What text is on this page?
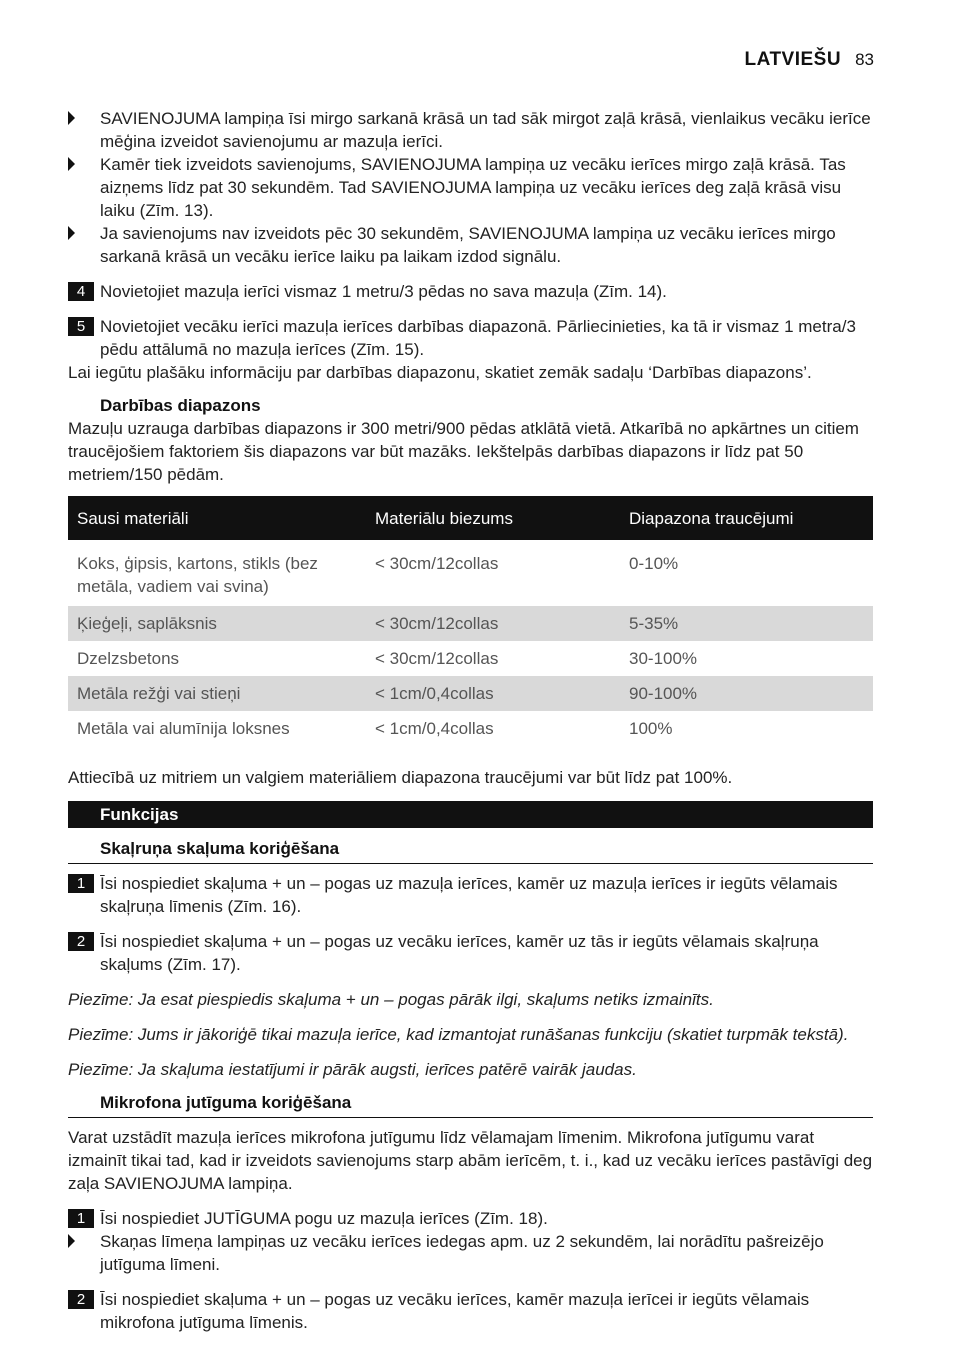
LATVIEŠU 83

SAVIENOJUMA lampiņa īsi mirgo sarkanā krāsā un tad sāk mirgot zaļā krāsā, vienlaikus vecāku ierīce mēģina izveidot savienojumu ar mazuļa ierīci.

Kamēr tiek izveidots savienojums, SAVIENOJUMA lampiņa uz vecāku ierīces mirgo zaļā krāsā. Tas aizņems līdz pat 30 sekundēm. Tad SAVIENOJUMA lampiņa uz vecāku ierīces deg zaļā krāsā visu laiku (Zīm. 13).

Ja savienojums nav izveidots pēc 30 sekundēm, SAVIENOJUMA lampiņa uz vecāku ierīces mirgo sarkanā krāsā un vecāku ierīce laiku pa laikam izdod signālu.

4 Novietojiet mazuļa ierīci vismaz 1 metru/3 pēdas no sava mazuļa (Zīm. 14).

5 Novietojiet vecāku ierīci mazuļa ierīces darbības diapazonā. Pārliecinieties, ka tā ir vismaz 1 metra/3 pēdu attālumā no mazuļa ierīces (Zīm. 15).

Lai iegūtu plašāku informāciju par darbības diapazonu, skatiet zemāk sadaļu ‘Darbības diapazons’.

Darbības diapazons

Mazuļu uzrauga darbības diapazons ir 300 metri/900 pēdas atklātā vietā. Atkarībā no apkārtnes un citiem traucējošiem faktoriem šis diapazons var būt mazāks. Iekštelpās darbības diapazons ir līdz pat 50 metriem/150 pēdām.

Sausi materiāli	Materiālu biezums	Diapazona traucējumi
Koks, ģipsis, kartons, stikls (bez metāla, vadiem vai svina)	< 30cm/12collas	0-10%
Ķieģeļi, saplāksnis	< 30cm/12collas	5-35%
Dzelzsbetons	< 30cm/12collas	30-100%
Metāla režģi vai stieņi	< 1cm/0,4collas	90-100%
Metāla vai alumīnija loksnes	< 1cm/0,4collas	100%

Attiecībā uz mitriem un valgiem materiāliem diapazona traucējumi var būt līdz pat 100%.

Funkcijas

Skaļruņa skaļuma koriģēšana

1 Īsi nospiediet skaļuma + un – pogas uz mazuļa ierīces, kamēr uz mazuļa ierīces ir iegūts vēlamais skaļruņa līmenis (Zīm. 16).

2 Īsi nospiediet skaļuma + un – pogas uz vecāku ierīces, kamēr uz tās ir iegūts vēlamais skaļruņa skaļums (Zīm. 17).

Piezīme: Ja esat piespiedis skaļuma + un – pogas pārāk ilgi, skaļums netiks izmainīts.

Piezīme: Jums ir jākoriģē tikai mazuļa ierīce, kad izmantojat runāšanas funkciju (skatiet turpmāk tekstā).

Piezīme: Ja skaļuma iestatījumi ir pārāk augsti, ierīces patērē vairāk jaudas.

Mikrofona jutīguma koriģēšana

Varat uzstādīt mazuļa ierīces mikrofona jutīgumu līdz vēlamajam līmenim. Mikrofona jutīgumu varat izmainīt tikai tad, kad ir izveidots savienojums starp abām ierīcēm, t. i., kad uz vecāku ierīces pastāvīgi deg zaļa SAVIENOJUMA lampiņa.

1 Īsi nospiediet JUTĪGUMA pogu uz mazuļa ierīces (Zīm. 18).

Skaņas līmeņa lampiņas uz vecāku ierīces iedegas apm. uz 2 sekundēm, lai norādītu pašreizējo jutīguma līmeni.

2 Īsi nospiediet skaļuma + un – pogas uz vecāku ierīces, kamēr mazuļa ierīcei ir iegūts vēlamais mikrofona jutīguma līmenis.
